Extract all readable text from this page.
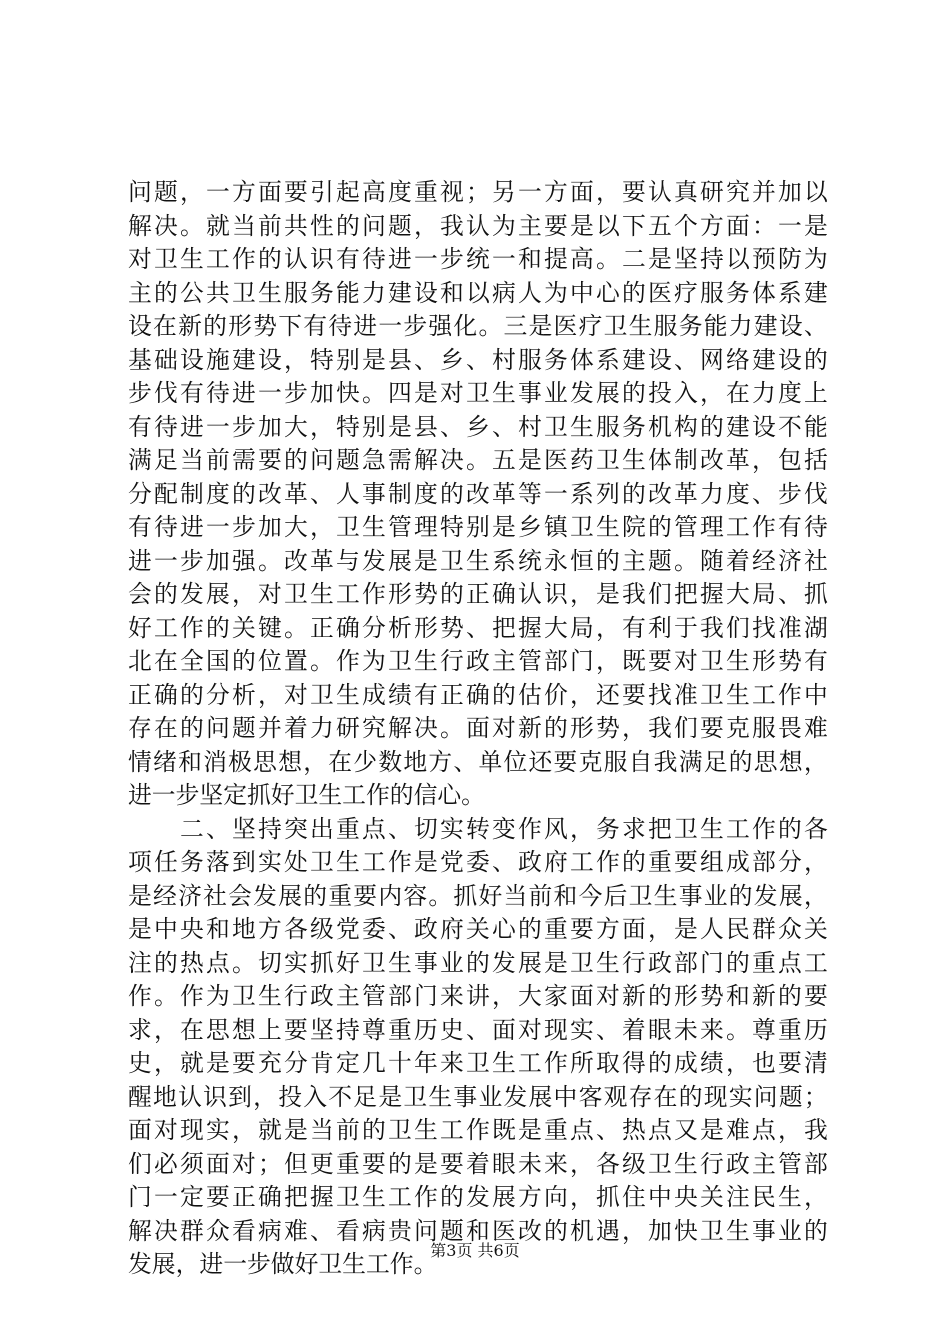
问 题 ， 一 方 面 要 引 起 高 度 重 视 ； 另 一 方 面 ， 要 认 真 研 究 并 加 以
解 决 。 就 当 前 共 性 的 问 题 ， 我 认 为 主 要 是 以 下 五 个 方 面 ： 一 是
对 卫 生 工 作 的 认 识 有 待 进 一 步 统 一 和 提 高 。 二 是 坚 持 以 预 防 为
主 的 公 共 卫 生 服 务 能 力 建 设 和 以 病 人 为 中 心 的 医 疗 服 务 体 系 建
设 在 新 的 形 势 下 有 待 进 一 步 强 化 。 三 是 医 疗 卫 生 服 务 能 力 建 设 、
基 础 设 施 建 设 ， 特 别 是 县 、 乡 、 村 服 务 体 系 建 设 、 网 络 建 设 的
步 伐 有 待 进 一 步 加 快 。 四 是 对 卫 生 事 业 发 展 的 投 入 ， 在 力 度 上
有 待 进 一 步 加 大 ， 特 别 是 县 、 乡 、 村 卫 生 服 务 机 构 的 建 设 不 能
满 足 当 前 需 要 的 问 题 急 需 解 决 。 五 是 医 药 卫 生 体 制 改 革 ， 包 括
分 配 制 度 的 改 革 、 人 事 制 度 的 改 革 等 一 系 列 的 改 革 力 度 、 步 伐
有 待 进 一 步 加 大 ， 卫 生 管 理 特 别 是 乡 镇 卫 生 院 的 管 理 工 作 有 待
进 一 步 加 强 。 改 革 与 发 展 是 卫 生 系 统 永 恒 的 主 题 。 随 着 经 济 社
会 的 发 展 ， 对 卫 生 工 作 形 势 的 正 确 认 识 ， 是 我 们 把 握 大 局 、 抓
好 工 作 的 关 键 。 正 确 分 析 形 势 、 把 握 大 局 ， 有 利 于 我 们 找 准 湖
北 在 全 国 的 位 置 。 作 为 卫 生 行 政 主 管 部 门 ， 既 要 对 卫 生 形 势 有
正 确 的 分 析 ， 对 卫 生 成 绩 有 正 确 的 估 价 ， 还 要 找 准 卫 生 工 作 中
存 在 的 问 题 并 着 力 研 究 解 决 。 面 对 新 的 形 势 ， 我 们 要 克 服 畏 难
情 绪 和 消 极 思 想 ， 在 少 数 地 方 、 单 位 还 要 克 服 自 我 满 足 的 思 想 ，
进 一 步 坚 定 抓 好 卫 生 工 作 的 信 心 。

二 、 坚 持 突 出 重 点 、 切 实 转 变 作 风 ， 务 求 把 卫 生 工 作 的 各
项 任 务 落 到 实 处 卫 生 工 作 是 党 委 、 政 府 工 作 的 重 要 组 成 部 分 ，
是 经 济 社 会 发 展 的 重 要 内 容 。 抓 好 当 前 和 今 后 卫 生 事 业 的 发 展 ，
是 中 央 和 地 方 各 级 党 委 、 政 府 关 心 的 重 要 方 面 ， 是 人 民 群 众 关
注 的 热 点 。 切 实 抓 好 卫 生 事 业 的 发 展 是 卫 生 行 政 部 门 的 重 点 工
作 。 作 为 卫 生 行 政 主 管 部 门 来 讲 ， 大 家 面 对 新 的 形 势 和 新 的 要
求 ， 在 思 想 上 要 坚 持 尊 重 历 史 、 面 对 现 实 、 着 眼 未 来 。 尊 重 历
史 ， 就 是 要 充 分 肯 定 几 十 年 来 卫 生 工 作 所 取 得 的 成 绩 ， 也 要 清
醒 地 认 识 到 ， 投 入 不 足 是 卫 生 事 业 发 展 中 客 观 存 在 的 现 实 问 题 ；
面 对 现 实 ， 就 是 当 前 的 卫 生 工 作 既 是 重 点 、 热 点 又 是 难 点 ， 我
们 必 须 面 对 ； 但 更 重 要 的 是 要 着 眼 未 来 ， 各 级 卫 生 行 政 主 管 部
门 一 定 要 正 确 把 握 卫 生 工 作 的 发 展 方 向 ， 抓 住 中 央 关 注 民 生 ，
解 决 群 众 看 病 难 、 看 病 贵 问 题 和 医 改 的 机 遇 ， 加 快 卫 生 事 业 的
发 展 ， 进 一 步 做 好 卫 生 工 作 。
第3页 共6页
